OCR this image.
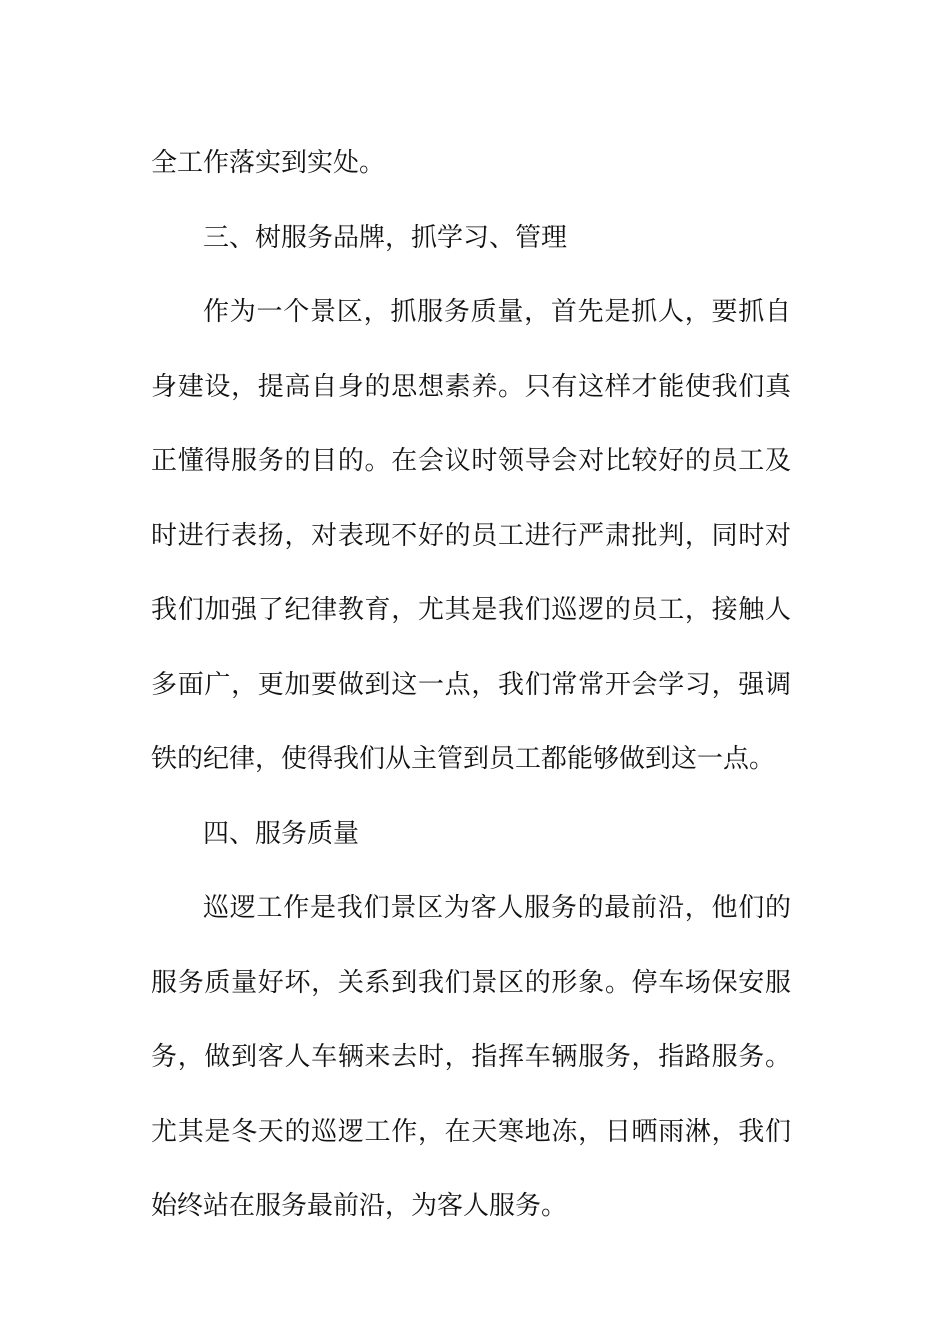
全工作落实到实处。

三、树服务品牌，抓学习、管理

作为一个景区，抓服务质量，首先是抓人，要抓自身建设，提高自身的思想素养。只有这样才能使我们真正懂得服务的目的。在会议时领导会对比较好的员工及时进行表扬，对表现不好的员工进行严肃批判，同时对我们加强了纪律教育，尤其是我们巡逻的员工，接触人多面广，更加要做到这一点，我们常常开会学习，强调铁的纪律，使得我们从主管到员工都能够做到这一点。

四、服务质量

巡逻工作是我们景区为客人服务的最前沿，他们的服务质量好坏，关系到我们景区的形象。停车场保安服务，做到客人车辆来去时，指挥车辆服务，指路服务。尤其是冬天的巡逻工作，在天寒地冻，日晒雨淋，我们始终站在服务最前沿，为客人服务。
